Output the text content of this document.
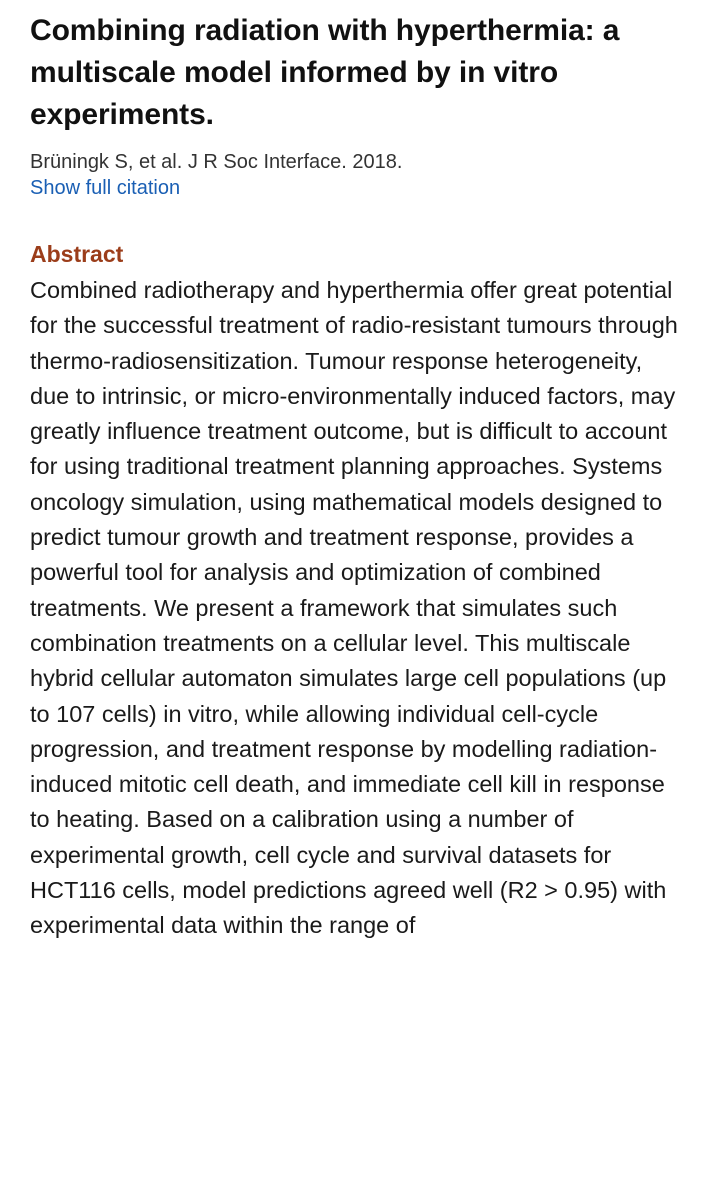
Combining radiation with hyperthermia: a multiscale model informed by in vitro experiments.
Brüningk S, et al. J R Soc Interface. 2018.
Show full citation
Abstract
Combined radiotherapy and hyperthermia offer great potential for the successful treatment of radio-resistant tumours through thermo-radiosensitization. Tumour response heterogeneity, due to intrinsic, or micro-environmentally induced factors, may greatly influence treatment outcome, but is difficult to account for using traditional treatment planning approaches. Systems oncology simulation, using mathematical models designed to predict tumour growth and treatment response, provides a powerful tool for analysis and optimization of combined treatments. We present a framework that simulates such combination treatments on a cellular level. This multiscale hybrid cellular automaton simulates large cell populations (up to 107 cells) in vitro, while allowing individual cell-cycle progression, and treatment response by modelling radiation-induced mitotic cell death, and immediate cell kill in response to heating. Based on a calibration using a number of experimental growth, cell cycle and survival datasets for HCT116 cells, model predictions agreed well (R2 > 0.95) with experimental data within the range of
